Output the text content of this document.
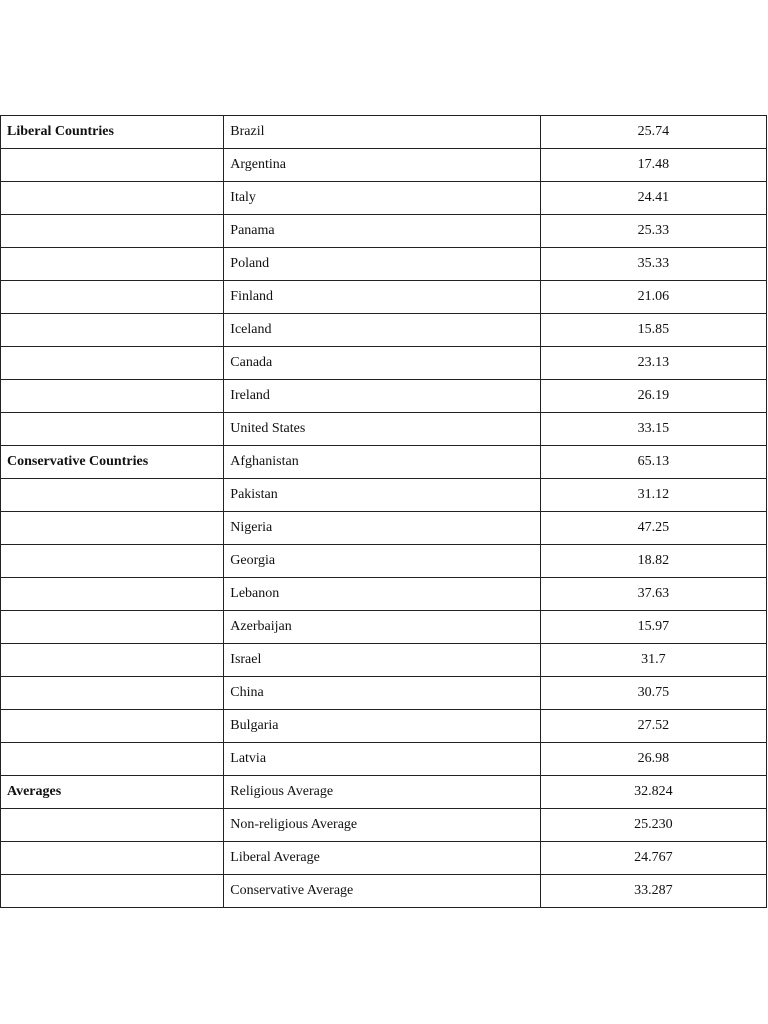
Liberal Countries	Brazil	25.74
	Argentina	17.48
	Italy	24.41
	Panama	25.33
	Poland	35.33
	Finland	21.06
	Iceland	15.85
	Canada	23.13
	Ireland	26.19
	United States	33.15
Conservative Countries	Afghanistan	65.13
	Pakistan	31.12
	Nigeria	47.25
	Georgia	18.82
	Lebanon	37.63
	Azerbaijan	15.97
	Israel	31.7
	China	30.75
	Bulgaria	27.52
	Latvia	26.98
Averages	Religious Average	32.824
	Non-religious Average	25.230
	Liberal Average	24.767
	Conservative Average	33.287
